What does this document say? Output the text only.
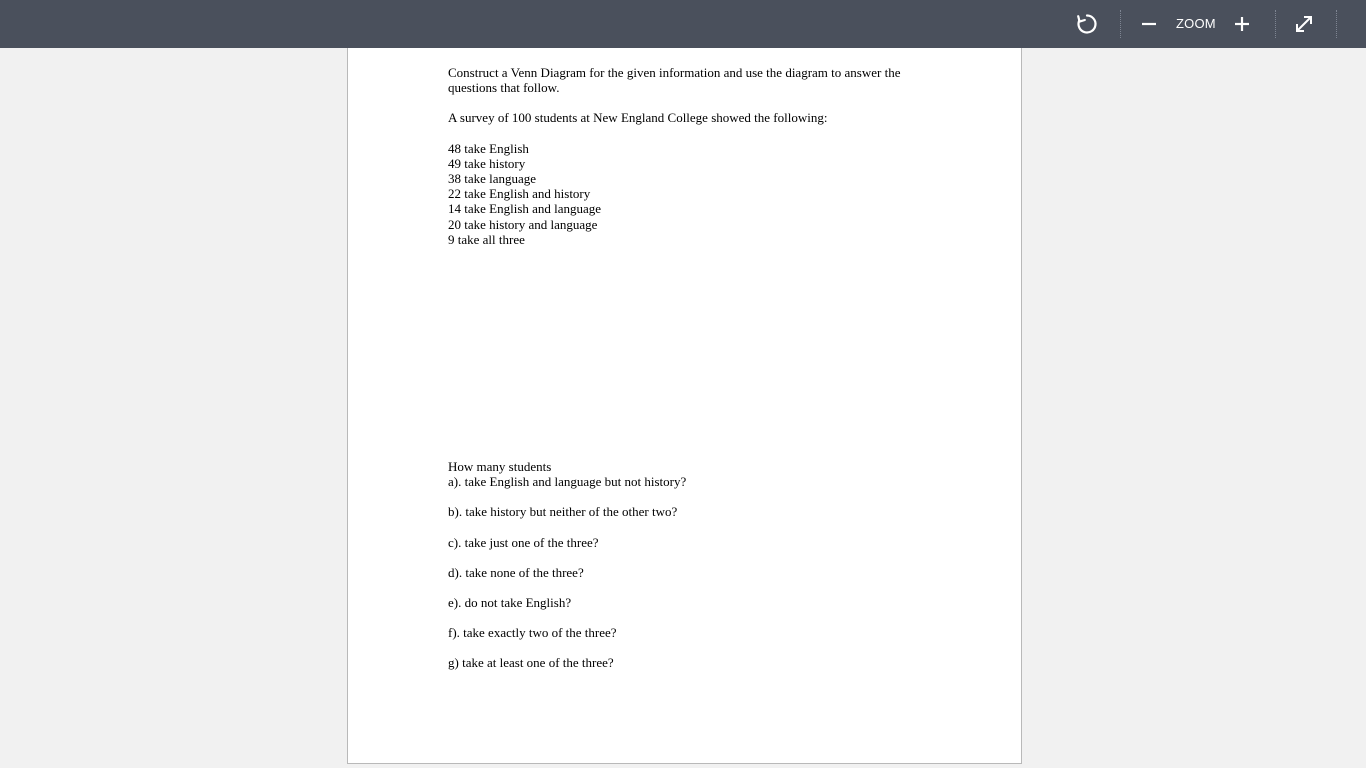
ZOOM

Construct a Venn Diagram for the given information and use the diagram to answer the questions that follow.

A survey of 100 students at New England College showed the following:

48 take English

49 take history

38 take language

22 take English and history

14 take English and language

20 take history and language

9 take all three

How many students

a). take English and language but not history?

b). take history but neither of the other two?

c). take just one of the three?

d). take none of the three?

e). do not take English?

f). take exactly two of the three?

g) take at least one of the three?
